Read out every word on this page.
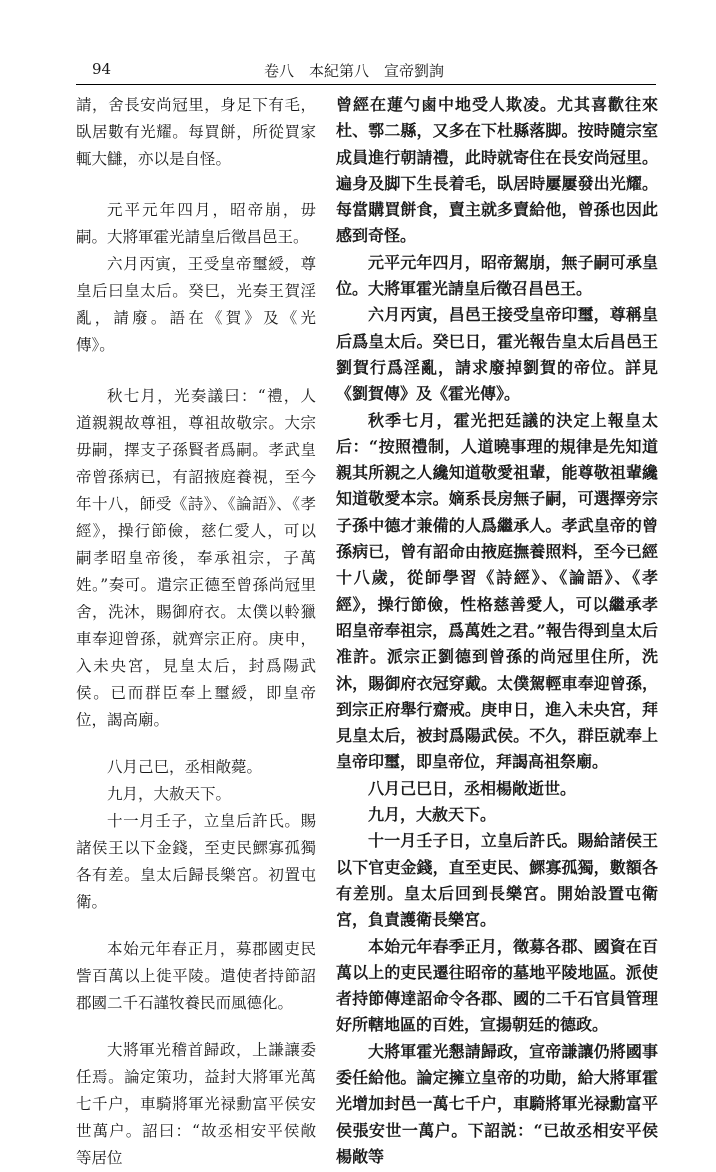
94	卷八　本紀第八　宣帝劉詢

請，舍長安尚冠里，身足下有毛，臥居數有光耀。每買餅，所從買家輒大讎，亦以是自怪。

元平元年四月，昭帝崩，毋嗣。大將軍霍光請皇后徵昌邑王。

六月丙寅，王受皇帝璽綬，尊皇后曰皇太后。癸巳，光奏王賀淫亂，請廢。語在《賀》及《光傳》。

秋七月，光奏議曰：“禮，人道親親故尊祖，尊祖故敬宗。大宗毋嗣，擇支子孫賢者爲嗣。孝武皇帝曾孫病已，有詔掖庭養視，至今年十八，師受《詩》、《論語》、《孝經》，操行節儉，慈仁愛人，可以嗣孝昭皇帝後，奉承祖宗，子萬姓。”奏可。遣宗正德至曾孫尚冠里舍，洗沐，賜御府衣。太僕以軨獵車奉迎曾孫，就齊宗正府。庚申，入未央宮，見皇太后，封爲陽武侯。已而群臣奉上璽綬，即皇帝位，謁高廟。

八月己巳，丞相敞薨。

九月，大赦天下。

十一月壬子，立皇后許氏。賜諸侯王以下金錢，至吏民鰥寡孤獨各有差。皇太后歸長樂宮。初置屯衛。

本始元年春正月，募郡國吏民訾百萬以上徙平陵。遣使者持節詔郡國二千石謹牧養民而風德化。

大將軍光稽首歸政，上謙讓委任焉。論定策功，益封大將軍光萬七千户，車騎將軍光禄勳富平侯安世萬户。詔曰：“故丞相安平侯敞等居位

曾經在蓮勺鹵中地受人欺凌。尤其喜歡往來杜、鄠二縣，又多在下杜縣落脚。按時隨宗室成員進行朝請禮，此時就寄住在長安尚冠里。遍身及脚下生長着毛，臥居時屢屢發出光耀。每當購買餅食，賣主就多賣給他，曾孫也因此感到奇怪。

元平元年四月，昭帝駕崩，無子嗣可承皇位。大將軍霍光請皇后徵召昌邑王。

六月丙寅，昌邑王接受皇帝印璽，尊稱皇后爲皇太后。癸巳日，霍光報告皇太后昌邑王劉賀行爲淫亂，請求廢掉劉賀的帝位。詳見《劉賀傳》及《霍光傳》。

秋季七月，霍光把廷議的決定上報皇太后：“按照禮制，人道曉事理的規律是先知道親其所親之人纔知道敬愛祖輩，能尊敬祖輩纔知道敬愛本宗。嫡系長房無子嗣，可選擇旁宗子孫中德才兼備的人爲繼承人。孝武皇帝的曾孫病已，曾有詔命由掖庭撫養照料，至今已經十八歲，從師學習《詩經》、《論語》、《孝經》，操行節儉，性格慈善愛人，可以繼承孝昭皇帝奉祖宗，爲萬姓之君。”報告得到皇太后准許。派宗正劉德到曾孫的尚冠里住所，洗沐，賜御府衣冠穿戴。太僕駕輕車奉迎曾孫，到宗正府舉行齋戒。庚申日，進入未央宮，拜見皇太后，被封爲陽武侯。不久，群臣就奉上皇帝印璽，即皇帝位，拜謁高祖祭廟。

八月己巳日，丞相楊敞逝世。

九月，大赦天下。

十一月壬子日，立皇后許氏。賜給諸侯王以下官吏金錢，直至吏民、鰥寡孤獨，數額各有差別。皇太后回到長樂宮。開始設置屯衛宮，負責護衛長樂宮。

本始元年春季正月，徵募各郡、國資在百萬以上的吏民遷往昭帝的墓地平陵地區。派使者持節傳達詔命令各郡、國的二千石官員管理好所轄地區的百姓，宣揚朝廷的德政。

大將軍霍光懇請歸政，宣帝謙讓仍將國事委任給他。論定擁立皇帝的功勛，給大將軍霍光增加封邑一萬七千户，車騎將軍光禄勳富平侯張安世一萬户。下詔説：“已故丞相安平侯楊敞等
